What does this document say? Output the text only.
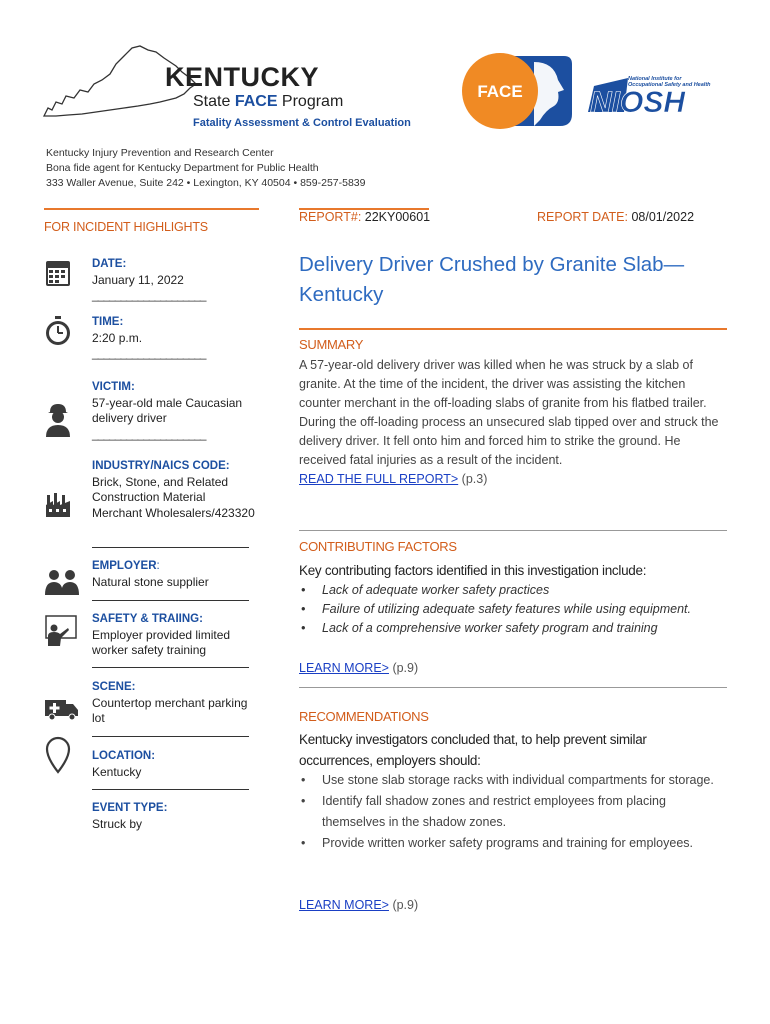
KENTUCKY
State FACE Program
Fatality Assessment & Control Evaluation
Kentucky Injury Prevention and Research Center
Bona fide agent for Kentucky Department for Public Health
333 Waller Avenue, Suite 242 • Lexington, KY 40504 • 859-257-5839
FACE NIOSH
National Institute for
Occupational Safety and Health
FOR INCIDENT HIGHLIGHTS
DATE:
January 11, 2022
____________________
TIME:
2:20 p.m.
____________________
VICTIM:
57-year-old male Caucasian delivery driver
____________________
INDUSTRY/NAICS CODE:
Brick, Stone, and Related Construction Material Merchant Wholesalers/423320
EMPLOYER:
Natural stone supplier
SAFETY & TRAIING:
Employer provided limited worker safety training
SCENE:
Countertop merchant parking lot
LOCATION:
Kentucky
EVENT TYPE:
Struck by
REPORT#: 22KY00601	REPORT DATE: 08/01/2022
Delivery Driver Crushed by Granite Slab—Kentucky
SUMMARY
A 57-year-old delivery driver was killed when he was struck by a slab of granite. At the time of the incident, the driver was assisting the kitchen counter merchant in the off-loading slabs of granite from his flatbed trailer. During the off-loading process an unsecured slab tipped over and struck the delivery driver. It fell onto him and forced him to strike the ground. He received fatal injuries as a result of the incident.
READ THE FULL REPORT> (p.3)
CONTRIBUTING FACTORS
Key contributing factors identified in this investigation include:
• Lack of adequate worker safety practices
• Failure of utilizing adequate safety features while using equipment.
• Lack of a comprehensive worker safety program and training
LEARN MORE> (p.9)
RECOMMENDATIONS
Kentucky investigators concluded that, to help prevent similar occurrences, employers should:
• Use stone slab storage racks with individual compartments for storage.
• Identify fall shadow zones and restrict employees from placing themselves in the shadow zones.
• Provide written worker safety programs and training for employees.
LEARN MORE> (p.9)
